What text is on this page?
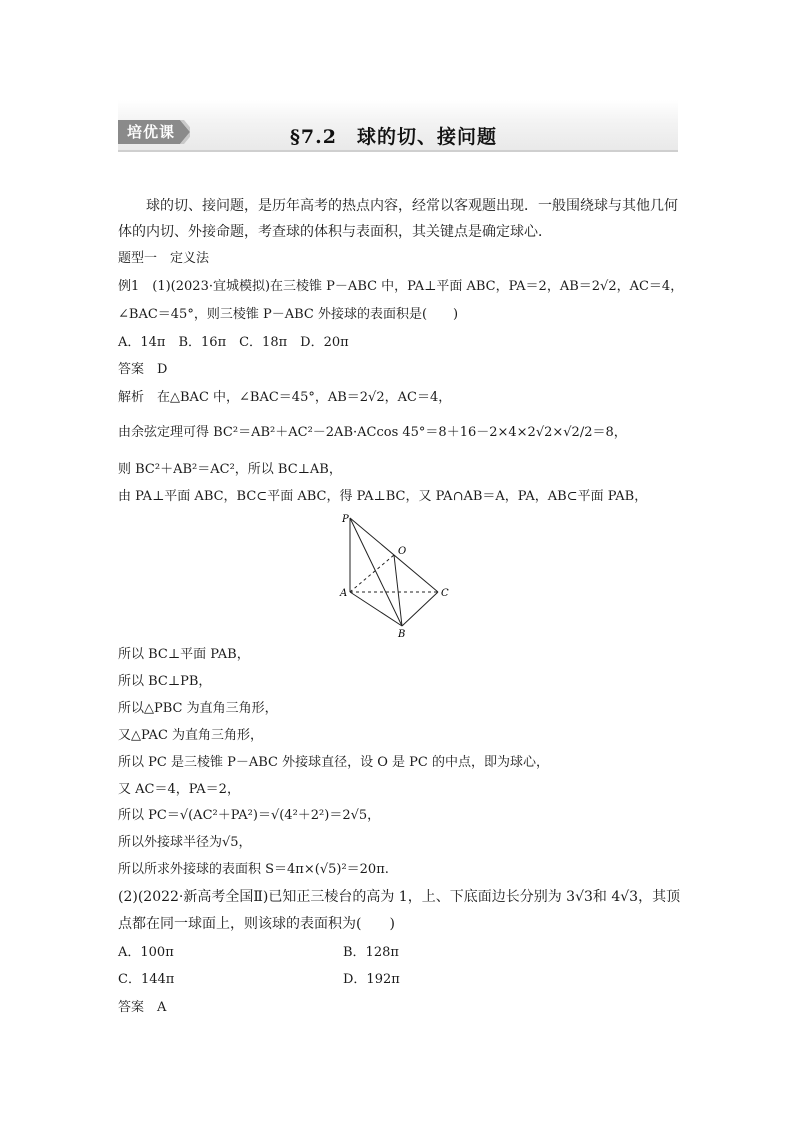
培优课	§7.2　球的切、接问题
球的切、接问题，是历年高考的热点内容，经常以客观题出现．一般围绕球与其他几何
体的内切、外接命题，考查球的体积与表面积，其关键点是确定球心．
题型一　定义法
例1　(1)(2023·宜城模拟)在三棱锥 P－ABC 中，PA⊥平面 ABC，PA＝2，AB＝2√2，AC＝4，
∠BAC＝45°，则三棱锥 P－ABC 外接球的表面积是(　　)
A．14π　B．16π　C．18π　D．20π
答案　D
解析　在△BAC 中，∠BAC＝45°，AB＝2√2，AC＝4，
由余弦定理可得 BC²＝AB²＋AC²－2AB·ACcos 45°＝8＋16－2×4×2√2×√2/2＝8，
则 BC²＋AB²＝AC²，所以 BC⊥AB，
由 PA⊥平面 ABC，BC⊂平面 ABC，得 PA⊥BC，又 PA∩AB＝A，PA，AB⊂平面 PAB，
P
O
A	C
B
所以 BC⊥平面 PAB，
所以 BC⊥PB，
所以△PBC 为直角三角形，
又△PAC 为直角三角形，
所以 PC 是三棱锥 P－ABC 外接球直径，设 O 是 PC 的中点，即为球心，
又 AC＝4，PA＝2，
所以 PC＝√(AC²＋PA²)＝√(4²＋2²)＝2√5，
所以外接球半径为√5，
所以所求外接球的表面积 S＝4π×(√5)²＝20π.
(2)(2022·新高考全国Ⅱ)已知正三棱台的高为 1，上、下底面边长分别为 3√3和 4√3，其顶
点都在同一球面上，则该球的表面积为(　　)
A．100π	B．128π
C．144π	D．192π
答案　A
